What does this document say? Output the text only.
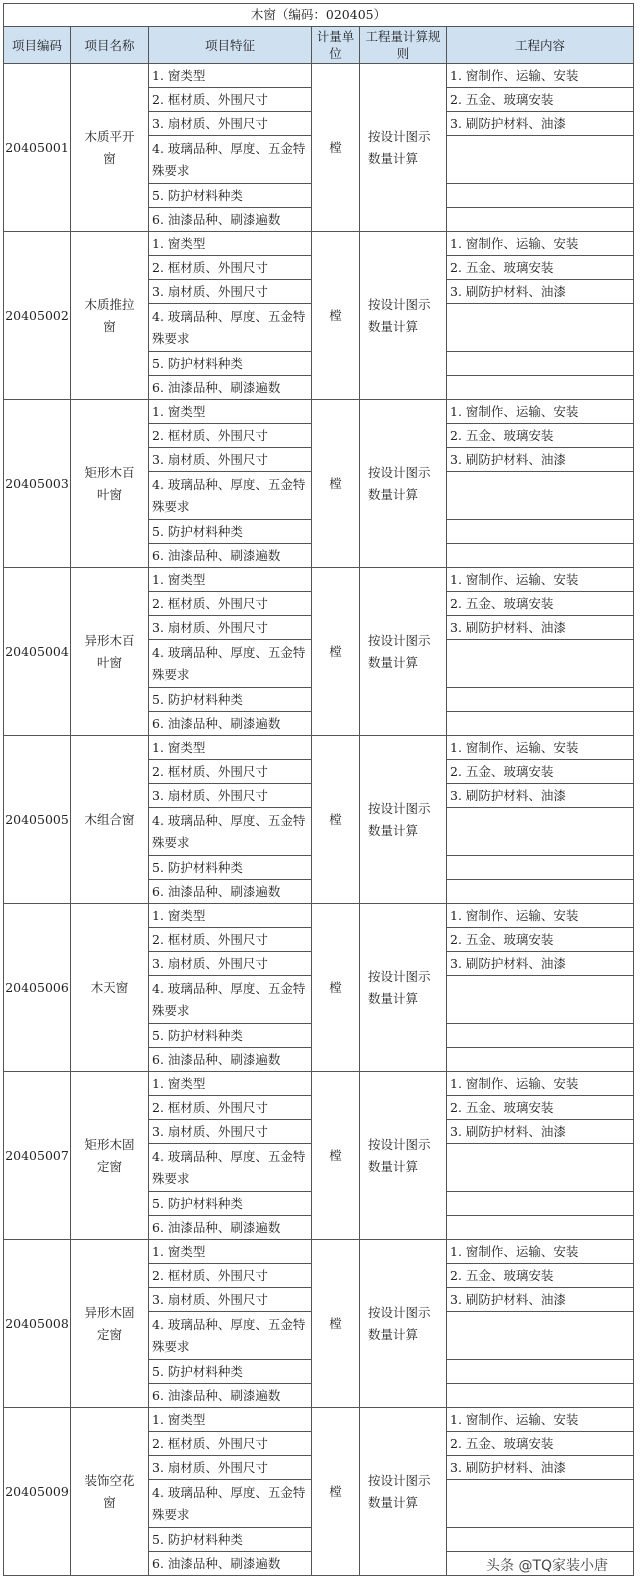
木窗（编码：020405）					
项目编码	项目名称	项目特征	计量单位	工程量计算规则	工程内容
20405001	木质平开窗	1. 窗类型	樘	按设计图示数量计算	1. 窗制作、运输、安装
		2. 框材质、外围尺寸			2. 五金、玻璃安装
		3. 扇材质、外围尺寸			3. 刷防护材料、油漆
		4. 玻璃品种、厚度、五金特殊要求			
		5. 防护材料种类			
		6. 油漆品种、刷漆遍数			
20405002	木质推拉窗	1. 窗类型	樘	按设计图示数量计算	1. 窗制作、运输、安装
		2. 框材质、外围尺寸			2. 五金、玻璃安装
		3. 扇材质、外围尺寸			3. 刷防护材料、油漆
		4. 玻璃品种、厚度、五金特殊要求			
		5. 防护材料种类			
		6. 油漆品种、刷漆遍数			
20405003	矩形木百叶窗	1. 窗类型	樘	按设计图示数量计算	1. 窗制作、运输、安装
		2. 框材质、外围尺寸			2. 五金、玻璃安装
		3. 扇材质、外围尺寸			3. 刷防护材料、油漆
		4. 玻璃品种、厚度、五金特殊要求			
		5. 防护材料种类			
		6. 油漆品种、刷漆遍数			
20405004	异形木百叶窗	1. 窗类型	樘	按设计图示数量计算	1. 窗制作、运输、安装
		2. 框材质、外围尺寸			2. 五金、玻璃安装
		3. 扇材质、外围尺寸			3. 刷防护材料、油漆
		4. 玻璃品种、厚度、五金特殊要求			
		5. 防护材料种类			
		6. 油漆品种、刷漆遍数			
20405005	木组合窗	1. 窗类型	樘	按设计图示数量计算	1. 窗制作、运输、安装
		2. 框材质、外围尺寸			2. 五金、玻璃安装
		3. 扇材质、外围尺寸			3. 刷防护材料、油漆
		4. 玻璃品种、厚度、五金特殊要求			
		5. 防护材料种类			
		6. 油漆品种、刷漆遍数			
20405006	木天窗	1. 窗类型	樘	按设计图示数量计算	1. 窗制作、运输、安装
		2. 框材质、外围尺寸			2. 五金、玻璃安装
		3. 扇材质、外围尺寸			3. 刷防护材料、油漆
		4. 玻璃品种、厚度、五金特殊要求			
		5. 防护材料种类			
		6. 油漆品种、刷漆遍数			
20405007	矩形木固定窗	1. 窗类型	樘	按设计图示数量计算	1. 窗制作、运输、安装
		2. 框材质、外围尺寸			2. 五金、玻璃安装
		3. 扇材质、外围尺寸			3. 刷防护材料、油漆
		4. 玻璃品种、厚度、五金特殊要求			
		5. 防护材料种类			
		6. 油漆品种、刷漆遍数			
20405008	异形木固定窗	1. 窗类型	樘	按设计图示数量计算	1. 窗制作、运输、安装
		2. 框材质、外围尺寸			2. 五金、玻璃安装
		3. 扇材质、外围尺寸			3. 刷防护材料、油漆
		4. 玻璃品种、厚度、五金特殊要求			
		5. 防护材料种类			
		6. 油漆品种、刷漆遍数			
20405009	装饰空花窗	1. 窗类型	樘	按设计图示数量计算	1. 窗制作、运输、安装
		2. 框材质、外围尺寸			2. 五金、玻璃安装
		3. 扇材质、外围尺寸			3. 刷防护材料、油漆
		4. 玻璃品种、厚度、五金特殊要求			
		5. 防护材料种类			
		6. 油漆品种、刷漆遍数				头条 @TQ家装小唐
